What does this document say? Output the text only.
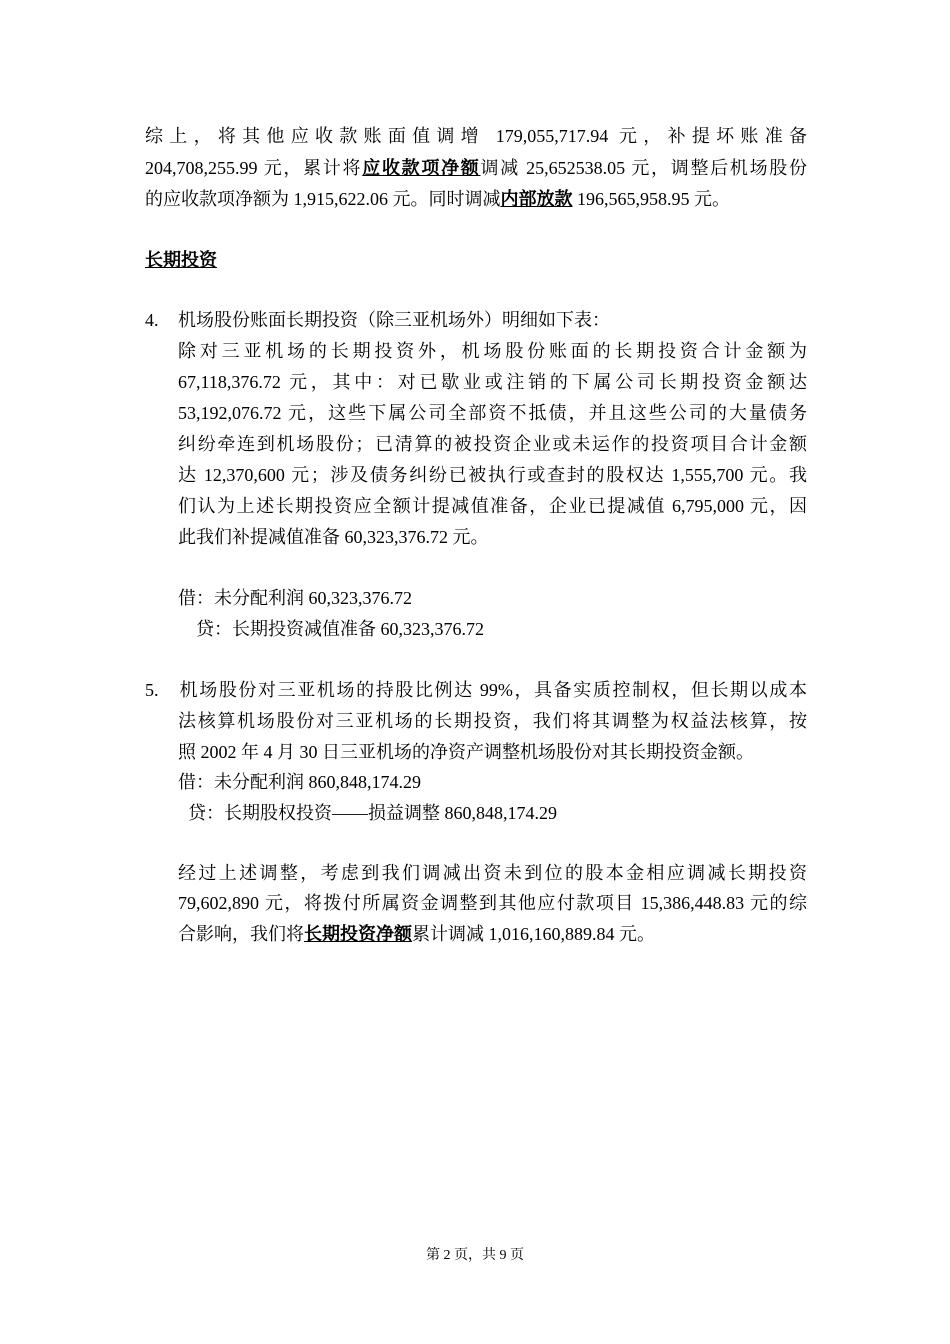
综上，将其他应收款账面值调增 179,055,717.94 元，补提坏账准备

204,708,255.99 元，累计将应收款项净额调减 25,652538.05 元，调整后机场股份

的应收款项净额为 1,915,622.06 元。同时调减内部放款 196,565,958.95 元。

长期投资

4. 机场股份账面长期投资（除三亚机场外）明细如下表：

除对三亚机场的长期投资外，机场股份账面的长期投资合计金额为

67,118,376.72 元，其中：对已歇业或注销的下属公司长期投资金额达

53,192,076.72 元，这些下属公司全部资不抵债，并且这些公司的大量债务

纠纷牵连到机场股份；已清算的被投资企业或未运作的投资项目合计金额

达 12,370,600 元；涉及债务纠纷已被执行或查封的股权达 1,555,700 元。我

们认为上述长期投资应全额计提减值准备，企业已提减值 6,795,000 元，因

此我们补提减值准备 60,323,376.72 元。

借：未分配利润 60,323,376.72

贷：长期投资减值准备 60,323,376.72

5. 机场股份对三亚机场的持股比例达 99%，具备实质控制权，但长期以成本

法核算机场股份对三亚机场的长期投资，我们将其调整为权益法核算，按

照 2002 年 4 月 30 日三亚机场的净资产调整机场股份对其长期投资金额。

借：未分配利润 860,848,174.29

贷：长期股权投资——损益调整 860,848,174.29

经过上述调整，考虑到我们调减出资未到位的股本金相应调减长期投资

79,602,890 元，将拨付所属资金调整到其他应付款项目 15,386,448.83 元的综

合影响，我们将长期投资净额累计调减 1,016,160,889.84 元。

第 2 页，共 9 页
